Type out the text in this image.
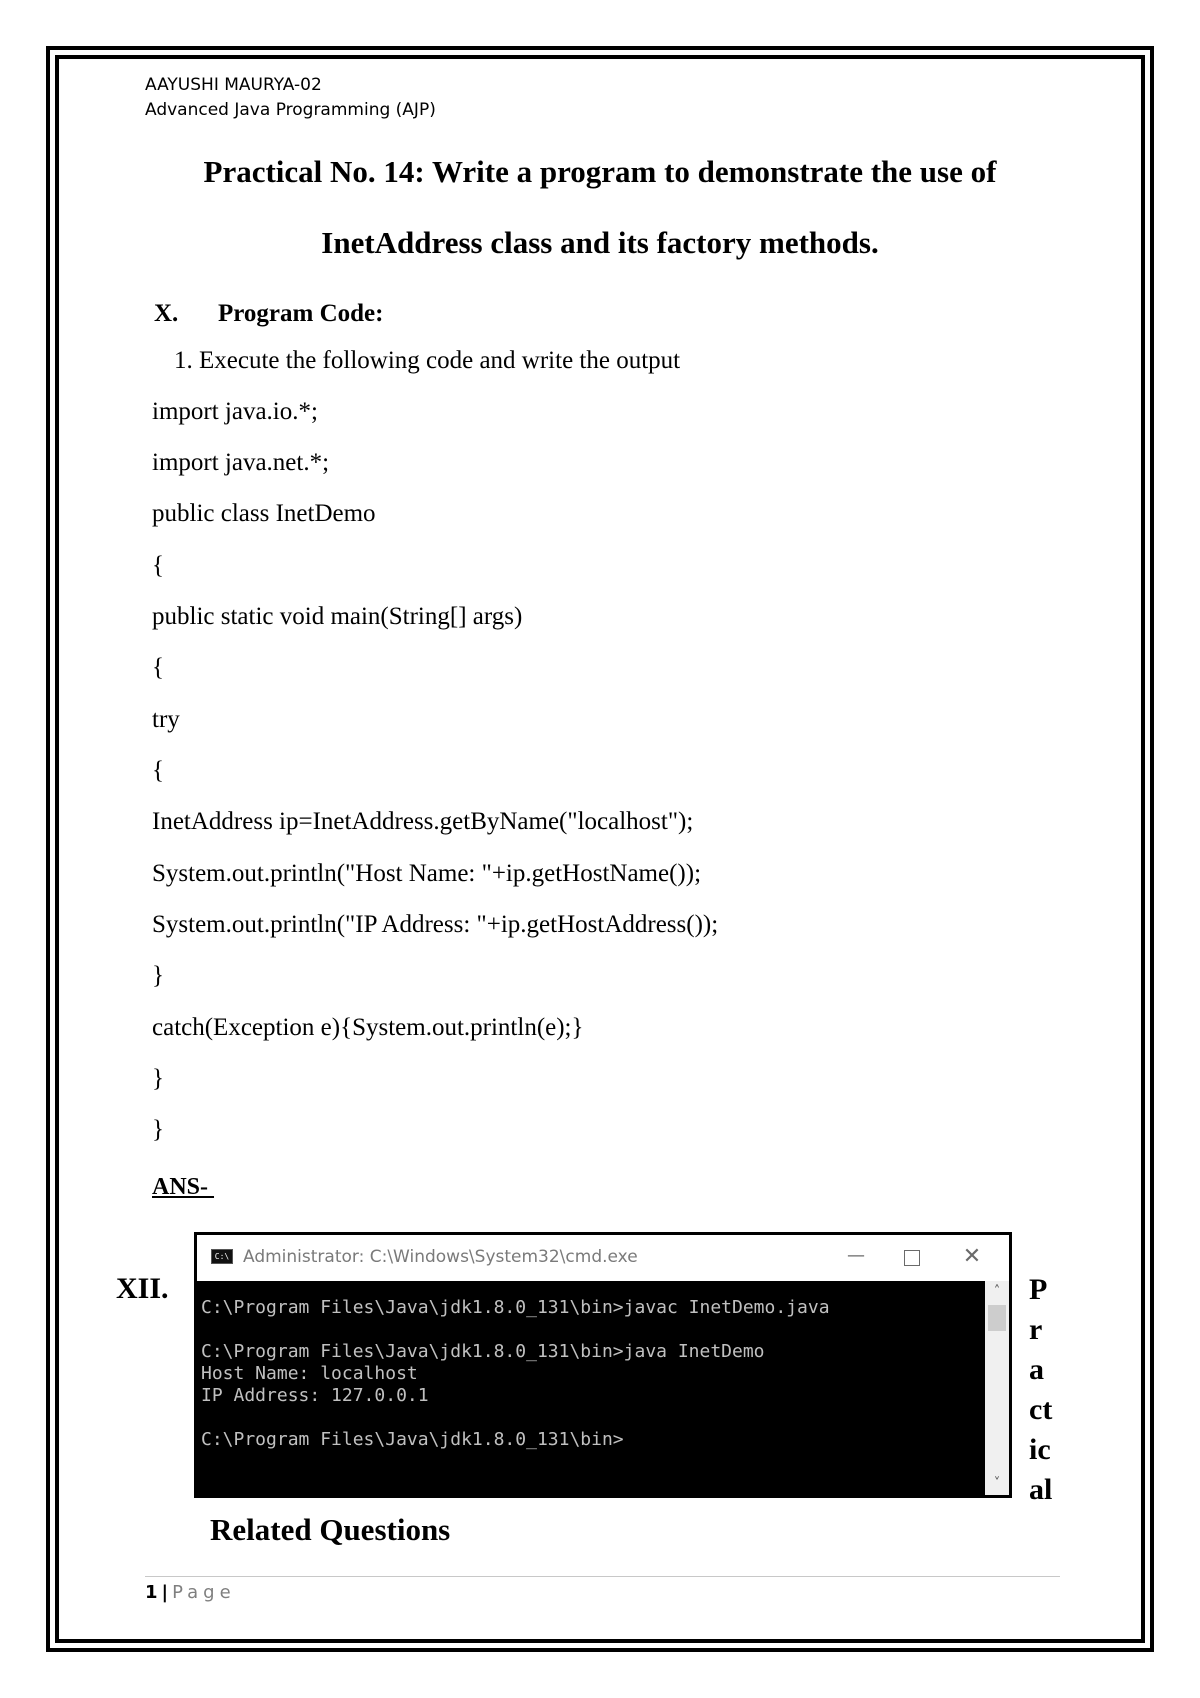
AAYUSHI MAURYA-02
Advanced Java Programming (AJP)
Practical No. 14: Write a program to demonstrate the use of
InetAddress class and its factory methods.
X. Program Code:
1. Execute the following code and write the output
import java.io.*;
import java.net.*;
public class InetDemo
{
public static void main(String[] args)
{
try
{
InetAddress ip=InetAddress.getByName("localhost");
System.out.println("Host Name: "+ip.getHostName());
System.out.println("IP Address: "+ip.getHostAddress());
}
catch(Exception e){System.out.println(e);}
}
}
ANS-
XII.	P
r
a
ct
ic
al
C:\ Administrator: C:\Windows\System32\cmd.exe	—	✕
C:\Program Files\Java\jdk1.8.0_131\bin>javac InetDemo.java
C:\Program Files\Java\jdk1.8.0_131\bin>java InetDemo
Host Name: localhost
IP Address: 127.0.0.1
C:\Program Files\Java\jdk1.8.0_131\bin>
˄
˅
Related Questions
1 | Page
